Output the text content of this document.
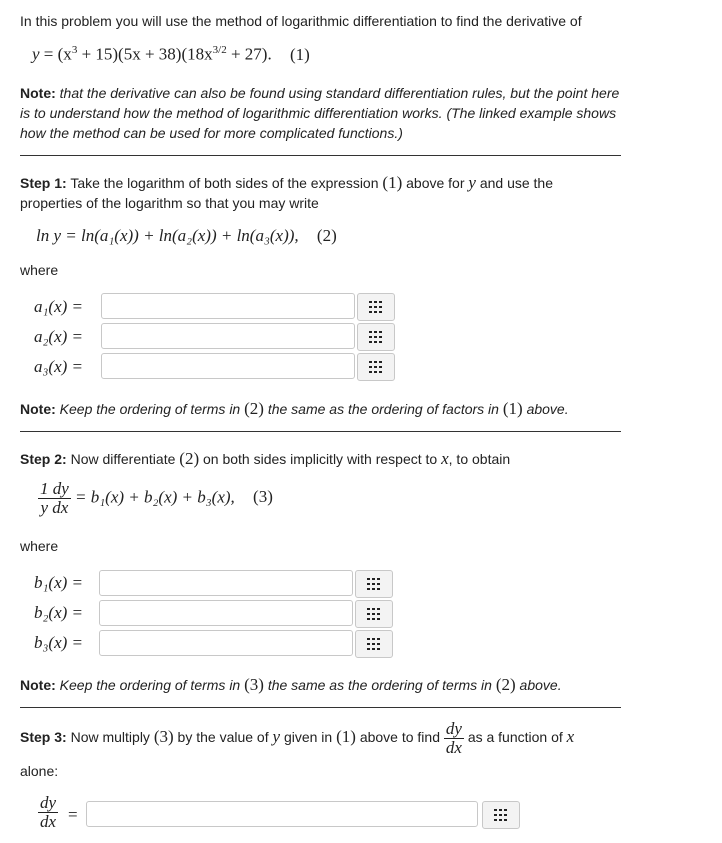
In this problem you will use the method of logarithmic differentiation to find the derivative of
$y = (x^3 + 15)(5x + 38)(18x^{3/2} + 27)$. (1)
Note: that the derivative can also be found using standard differentiation rules, but the point here
is to understand how the method of logarithmic differentiation works. (The linked example shows
how the method can be used for more complicated functions.)
Step 1: Take the logarithm of both sides of the expression (1) above for y and use the
properties of the logarithm so that you may write
ln y = ln(a₁(x)) + ln(a₂(x)) + ln(a₃(x)), (2)
where
a₁(x) =
a₂(x) =
a₃(x) =
Note: Keep the ordering of terms in (2) the same as the ordering of factors in (1) above.
Step 2: Now differentiate (2) on both sides implicitly with respect to x, to obtain
$\frac{1 dy}{\text{y dx}} = b_1(x) + b_2(x) + b_3(x)$, (3)
where
b₁(x) =
b₂(x) =
b₃(x) =
Note: Keep the ordering of terms in (3) the same as the ordering of terms in (2) above.
Step 3: Now multiply (3) by the value of y given in (1) above to find $\frac{dy}{dx}$ as a function of x
alone:
$\frac{dy}{dx}$ =
